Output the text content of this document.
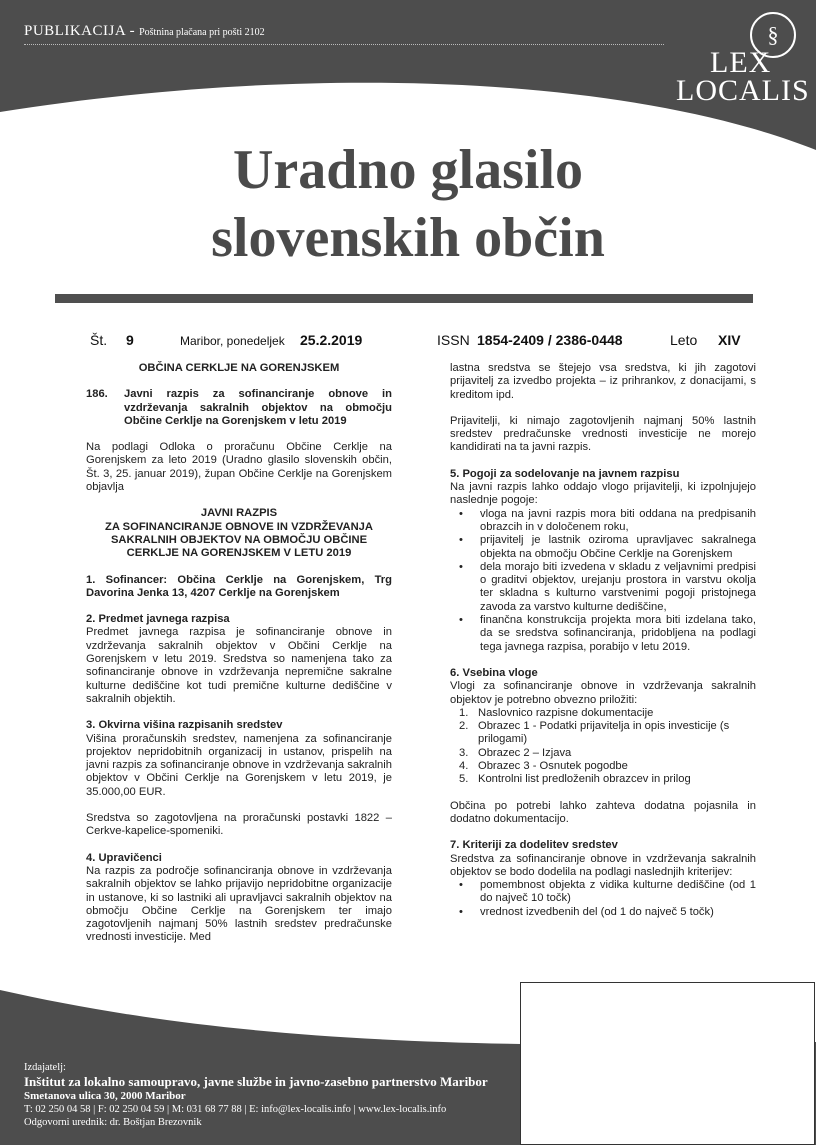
PUBLIKACIJA - Poštnina plačana pri pošti 2102	§
LEX
LOCALIS
Uradno glasilo
slovenskih občin
Št. 9	Maribor, ponedeljek 25.2.2019	ISSN 1854-2409 / 2386-0448	Leto XIV

OBČINA CERKLJE NA GORENJSKEM

186.	Javni razpis za sofinanciranje obnove in vzdrževanja sakralnih objektov na območju Občine Cerklje na Gorenjskem v letu 2019

Na podlagi Odloka o proračunu Občine Cerklje na Gorenjskem za leto 2019 (Uradno glasilo slovenskih občin, Št. 3, 25. januar 2019), župan Občine Cerklje na Gorenjskem objavlja

JAVNI RAZPIS

ZA SOFINANCIRANJE OBNOVE IN VZDRŽEVANJA SAKRALNIH OBJEKTOV NA OBMOČJU OBČINE CERKLJE NA GORENJSKEM V LETU 2019

1. Sofinancer: Občina Cerklje na Gorenjskem, Trg Davorina Jenka 13, 4207 Cerklje na Gorenjskem

2. Predmet javnega razpisa

Predmet javnega razpisa je sofinanciranje obnove in vzdrževanja sakralnih objektov v Občini Cerklje na Gorenjskem v letu 2019. Sredstva so namenjena tako za sofinanciranje obnove in vzdrževanja nepremične sakralne kulturne dediščine kot tudi premične kulturne dediščine v sakralnih objektih.

3. Okvirna višina razpisanih sredstev

Višina proračunskih sredstev, namenjena za sofinanciranje projektov nepridobitnih organizacij in ustanov, prispelih na javni razpis za sofinanciranje obnove in vzdrževanja sakralnih objektov v Občini Cerklje na Gorenjskem v letu 2019, je 35.000,00 EUR.

Sredstva so zagotovljena na proračunski postavki 1822 – Cerkve-kapelice-spomeniki.

4. Upravičenci

Na razpis za področje sofinanciranja obnove in vzdrževanja sakralnih objektov se lahko prijavijo nepridobitne organizacije in ustanove, ki so lastniki ali upravljavci sakralnih objektov na območju Občine Cerklje na Gorenjskem ter imajo zagotovljenih najmanj 50% lastnih sredstev predračunske vrednosti investicije. Med

lastna sredstva se štejejo vsa sredstva, ki jih zagotovi prijavitelj za izvedbo projekta – iz prihrankov, z donacijami, s kreditom ipd.

Prijavitelji, ki nimajo zagotovljenih najmanj 50% lastnih sredstev predračunske vrednosti investicije ne morejo kandidirati na ta javni razpis.

5. Pogoji za sodelovanje na javnem razpisu

Na javni razpis lahko oddajo vlogo prijavitelji, ki izpolnjujejo naslednje pogoje:

• vloga na javni razpis mora biti oddana na predpisanih obrazcih in v določenem roku,
• prijavitelj je lastnik oziroma upravljavec sakralnega objekta na območju Občine Cerklje na Gorenjskem
• dela morajo biti izvedena v skladu z veljavnimi predpisi o graditvi objektov, urejanju prostora in varstvu okolja ter skladna s kulturno varstvenimi pogoji pristojnega zavoda za varstvo kulturne dediščine,
• finančna konstrukcija projekta mora biti izdelana tako, da se sredstva sofinanciranja, pridobljena na podlagi tega javnega razpisa, porabijo v letu 2019.

6. Vsebina vloge

Vlogi za sofinanciranje obnove in vzdrževanja sakralnih objektov je potrebno obvezno priložiti:

1. Naslovnico razpisne dokumentacije
2. Obrazec 1 - Podatki prijavitelja in opis investicije (s prilogami)
3. Obrazec 2 – Izjava
4. Obrazec 3 - Osnutek pogodbe
5. Kontrolni list predloženih obrazcev in prilog

Občina po potrebi lahko zahteva dodatna pojasnila in dodatno dokumentacijo.

7. Kriteriji za dodelitev sredstev

Sredstva za sofinanciranje obnove in vzdrževanja sakralnih objektov se bodo dodelila na podlagi naslednjih kriterijev:

• pomembnost objekta z vidika kulturne dediščine (od 1 do največ 10 točk)
• vrednost izvedbenih del (od 1 do največ 5 točk)
Izdajatelj:
Inštitut za lokalno samoupravo, javne službe in javno-zasebno partnerstvo Maribor
Smetanova ulica 30, 2000 Maribor
T: 02 250 04 58 | F: 02 250 04 59 | M: 031 68 77 88 | E: info@lex-localis.info | www.lex-localis.info
Odgovorni urednik: dr. Boštjan Brezovnik
